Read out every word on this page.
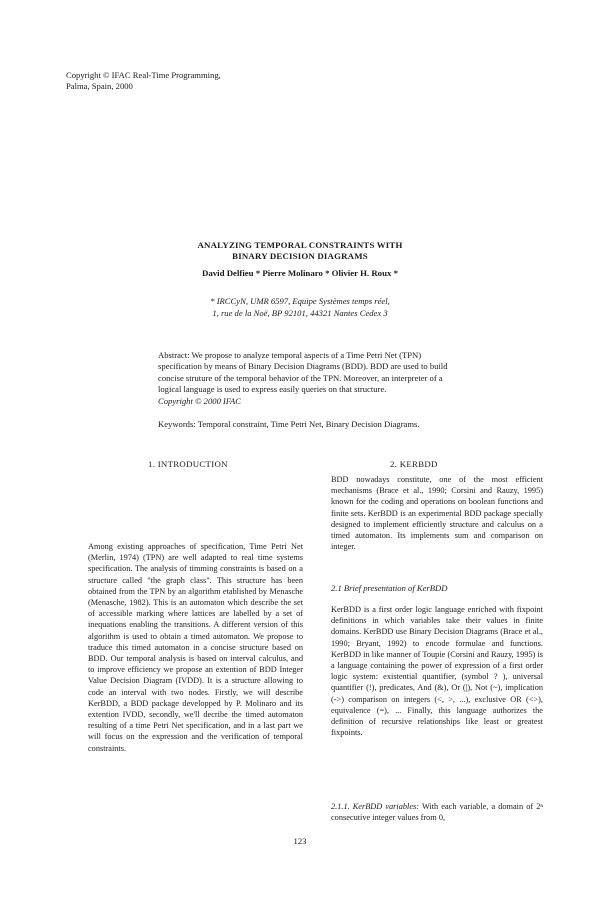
Copyright © IFAC Real-Time Programming,
Palma, Spain, 2000
ANALYZING TEMPORAL CONSTRAINTS WITH
BINARY DECISION DIAGRAMS
David Delfieu * Pierre Molinaro * Olivier H. Roux *
* IRCCyN, UMR 6597, Equipe Systèmes temps réel,
1, rue de la Noë, BP 92101, 44321 Nantes Cedex 3
Abstract: We propose to analyze temporal aspects of a Time Petri Net (TPN) specification by means of Binary Decision Diagrams (BDD). BDD are used to build concise struture of the temporal behavior of the TPN. Moreover, an interpreter of a logical language is used to express easily queries on that structure.
Copyright © 2000 IFAC
Keywords: Temporal constraint, Time Petri Net, Binary Decision Diagrams.
1. INTRODUCTION	2. KERBDD

Among existing approaches of specification, Time Petri Net (Merlin, 1974) (TPN) are well adapted to real time systems specification. The analysis of timming constraints is based on a structure called "the graph class". This structure has been obtained from the TPN by an algorithm etablished by Menasche (Menasche, 1982). This is an automaton which describe the set of accessible marking where lattices are labelled by a set of inequations enabling the transitions. A different version of this algorithm is used to obtain a timed automaton. We propose to traduce this timed automaton in a concise structure based on BDD. Our temporal analysis is based on interval calculus, and to improve efficiency we propose an extention of BDD Integer Value Decision Diagram (IVDD). It is a structure allowing to code an interval with two nodes. Firstly, we will describe KerBDD, a BDD package developped by P. Molinaro and its extention IVDD, secondly, we'll decribe the timed automaton resulting of a time Petri Net specification, and in a last part we will focus on the expression and the verification of temporal constraints.

BDD nowadays constitute, one of the most efficient mechanisms (Brace et al., 1990; Corsini and Rauzy, 1995) known for the coding and operations on boolean functions and finite sets. KerBDD is an experimental BDD package specially designed to implement efficiently structure and calculus on a timed automaton. Its implements sum and comparison on integer.

2.1 Brief presentation of KerBDD

KerBDD is a first order logic language enriched with fixpoint definitions in which variables take their values in finite domains. KerBDD use Binary Decision Diagrams (Brace et al., 1990; Bryant, 1992) to encode formulae and functions. KerBDD in like manner of Toupie (Corsini and Rauzy, 1995) is a language containing the power of expression of a first order logic system: existential quantifier, (symbol ? ), universal quantifier (!), predicates, And (&), Or (|), Not (~), implication (->) comparison on integers (<, >, ...), exclusive OR (<>), equivalence (=), ... Finally, this language authorizes the definition of recursive relationships like least or greatest fixpoints.

2.1.1. KerBDD variables: With each variable, a domain of 2ⁿ consecutive integer values from 0,

123
